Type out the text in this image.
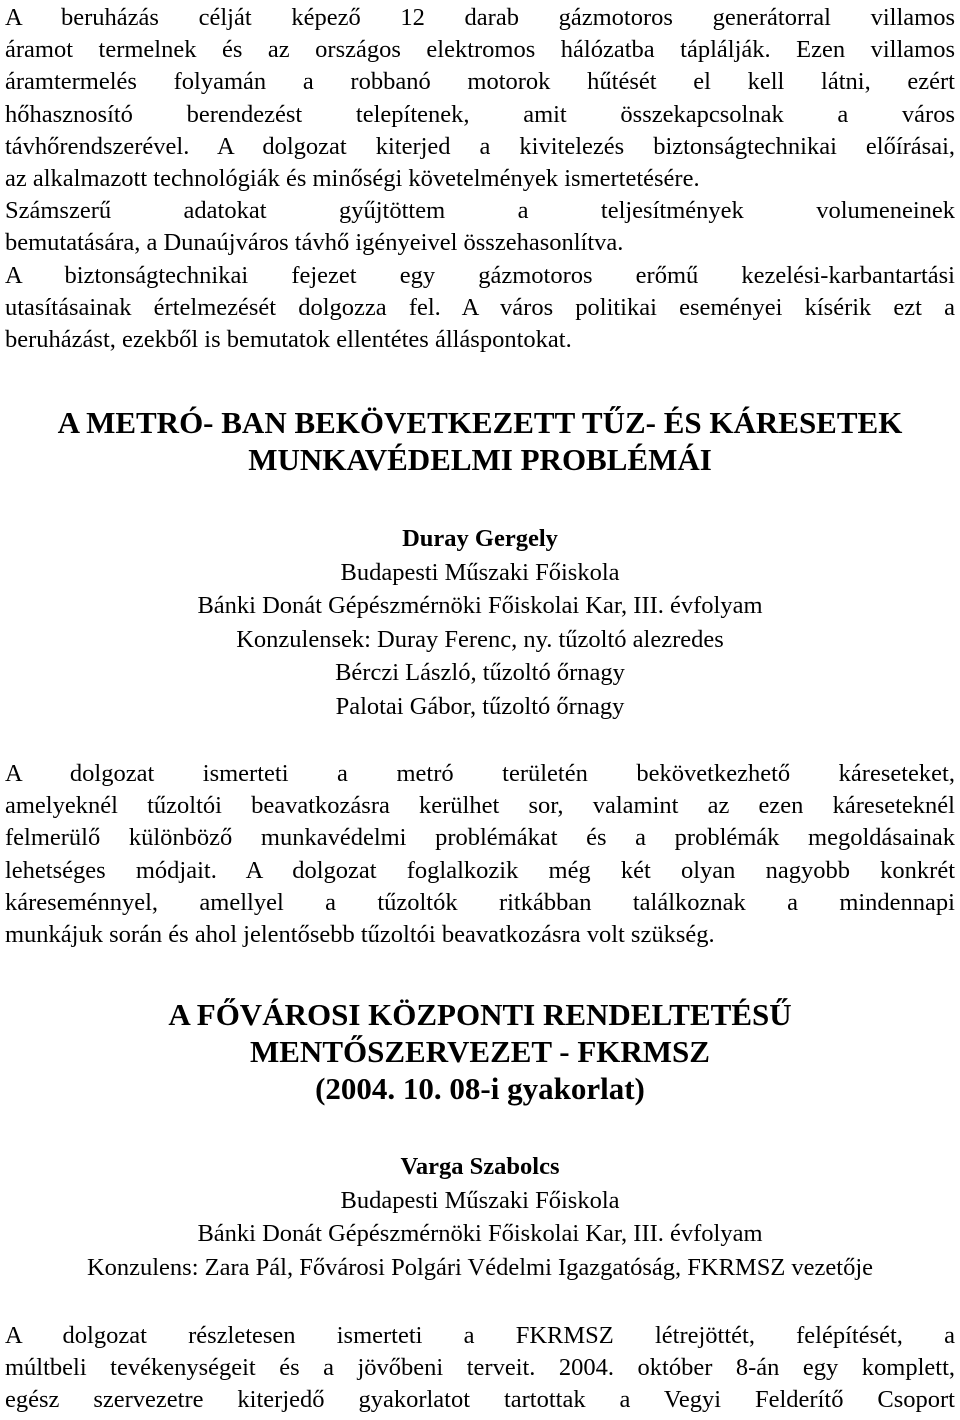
A beruházás célját képező 12 darab gázmotoros generátorral villamos
áramot termelnek és az országos elektromos hálózatba táplálják. Ezen villamos
áramtermelés folyamán a robbanó motorok hűtését el kell látni, ezért
hőhasznosító berendezést telepítenek, amit összekapcsolnak a város
távhőrendszerével. A dolgozat kiterjed a kivitelezés biztonságtechnikai előírásai,
az alkalmazott technológiák és minőségi követelmények ismertetésére.
Számszerű adatokat gyűjtöttem a teljesítmények volumeneinek
bemutatására, a Dunaújváros távhő igényeivel összehasonlítva.
A biztonságtechnikai fejezet egy gázmotoros erőmű kezelési-karbantartási
utasításainak értelmezését dolgozza fel. A város politikai eseményei kísérik ezt a
beruházást, ezekből is bemutatok ellentétes álláspontokat.

A METRÓ- BAN BEKÖVETKEZETT TŰZ- ÉS KÁRESETEK
MUNKAVÉDELMI PROBLÉMÁI
Duray Gergely
Budapesti Műszaki Főiskola
Bánki Donát Gépészmérnöki Főiskolai Kar, III. évfolyam
Konzulensek: Duray Ferenc, ny. tűzoltó alezredes
Bérczi László, tűzoltó őrnagy
Palotai Gábor, tűzoltó őrnagy

A dolgozat ismerteti a metró területén bekövetkezhető káreseteket,
amelyeknél tűzoltói beavatkozásra kerülhet sor, valamint az ezen káreseteknél
felmerülő különböző munkavédelmi problémákat és a problémák megoldásainak
lehetséges módjait. A dolgozat foglalkozik még két olyan nagyobb konkrét
káreseménnyel, amellyel a tűzoltók ritkábban találkoznak a mindennapi
munkájuk során és ahol jelentősebb tűzoltói beavatkozásra volt szükség.

A FŐVÁROSI KÖZPONTI RENDELTETÉSŰ
MENTŐSZERVEZET - FKRMSZ
(2004. 10. 08-i gyakorlat)
Varga Szabolcs
Budapesti Műszaki Főiskola
Bánki Donát Gépészmérnöki Főiskolai Kar, III. évfolyam
Konzulens: Zara Pál, Fővárosi Polgári Védelmi Igazgatóság, FKRMSZ vezetője

A dolgozat részletesen ismerteti a FKRMSZ létrejöttét, felépítését, a
múltbeli tevékenységeit és a jövőbeni terveit. 2004. október 8-án egy komplett,
egész szervezetre kiterjedő gyakorlatot tartottak a Vegyi Felderítő Csoport
